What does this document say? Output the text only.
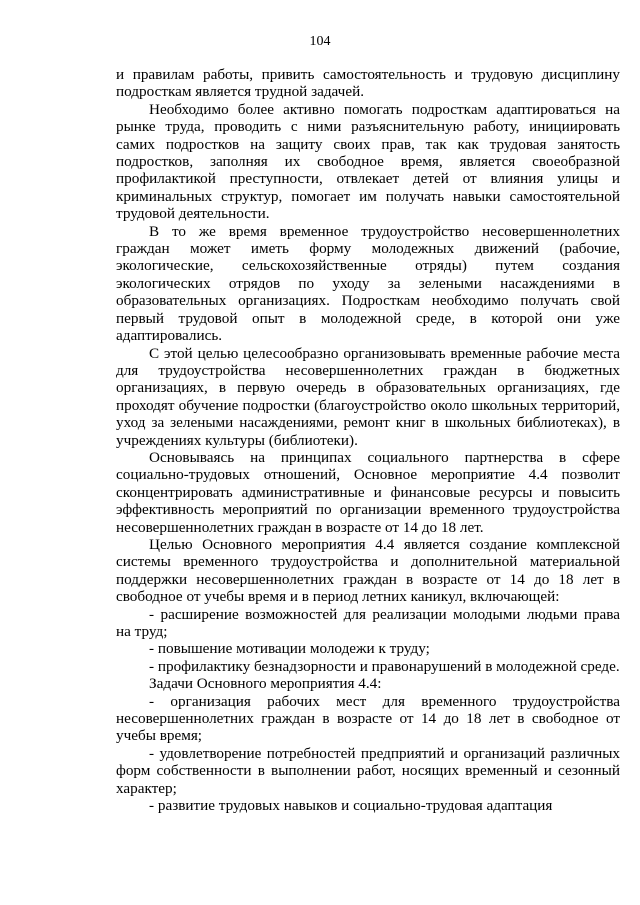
104

и правилам работы, привить самостоятельность и трудовую дисциплину подросткам является трудной задачей.

Необходимо более активно помогать подросткам адаптироваться на рынке труда, проводить с ними разъяснительную работу, инициировать самих подростков на защиту своих прав, так как трудовая занятость подростков, заполняя их свободное время, является своеобразной профилактикой преступности, отвлекает детей от влияния улицы и криминальных структур, помогает им получать навыки самостоятельной трудовой деятельности.

В то же время временное трудоустройство несовершеннолетних граждан может иметь форму молодежных движений (рабочие, экологические, сельскохозяйственные отряды) путем создания экологических отрядов по уходу за зелеными насаждениями в образовательных организациях. Подросткам необходимо получать свой первый трудовой опыт в молодежной среде, в которой они уже адаптировались.

С этой целью целесообразно организовывать временные рабочие места для трудоустройства несовершеннолетних граждан в бюджетных организациях, в первую очередь в образовательных организациях, где проходят обучение подростки (благоустройство около школьных территорий, уход за зелеными насаждениями, ремонт книг в школьных библиотеках), в учреждениях культуры (библиотеки).

Основываясь на принципах социального партнерства в сфере социально-трудовых отношений, Основное мероприятие 4.4 позволит сконцентрировать административные и финансовые ресурсы и повысить эффективность мероприятий по организации временного трудоустройства несовершеннолетних граждан в возрасте от 14 до 18 лет.

Целью Основного мероприятия 4.4 является создание комплексной системы временного трудоустройства и дополнительной материальной поддержки несовершеннолетних граждан в возрасте от 14 до 18 лет в свободное от учебы время и в период летних каникул, включающей:

- расширение возможностей для реализации молодыми людьми права на труд;

- повышение мотивации молодежи к труду;

- профилактику безнадзорности и правонарушений в молодежной среде.

Задачи Основного мероприятия 4.4:

- организация рабочих мест для временного трудоустройства несовершеннолетних граждан в возрасте от 14 до 18 лет в свободное от учебы время;

- удовлетворение потребностей предприятий и организаций различных форм собственности в выполнении работ, носящих временный и сезонный характер;

- развитие трудовых навыков и социально-трудовая адаптация
